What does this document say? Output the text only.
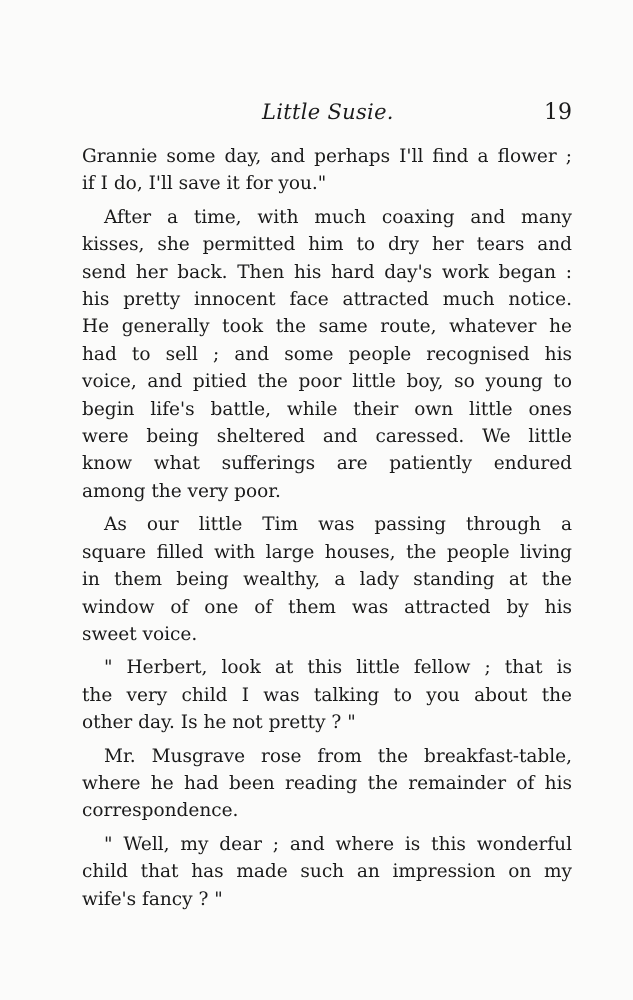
Little Susie.	19

Grannie some day, and perhaps I'll find a flower ;
if I do, I'll save it for you."

After a time, with much coaxing and many
kisses, she permitted him to dry her tears and
send her back. Then his hard day's work began :
his pretty innocent face attracted much notice.
He generally took the same route, whatever he
had to sell ; and some people recognised his
voice, and pitied the poor little boy, so young to
begin life's battle, while their own little ones
were being sheltered and caressed. We little
know what sufferings are patiently endured
among the very poor.

As our little Tim was passing through a
square filled with large houses, the people living
in them being wealthy, a lady standing at the
window of one of them was attracted by his
sweet voice.

" Herbert, look at this little fellow ; that is
the very child I was talking to you about the
other day. Is he not pretty ? "

Mr. Musgrave rose from the breakfast-table,
where he had been reading the remainder of his
correspondence.

" Well, my dear ; and where is this wonderful
child that has made such an impression on my
wife's fancy ? "
